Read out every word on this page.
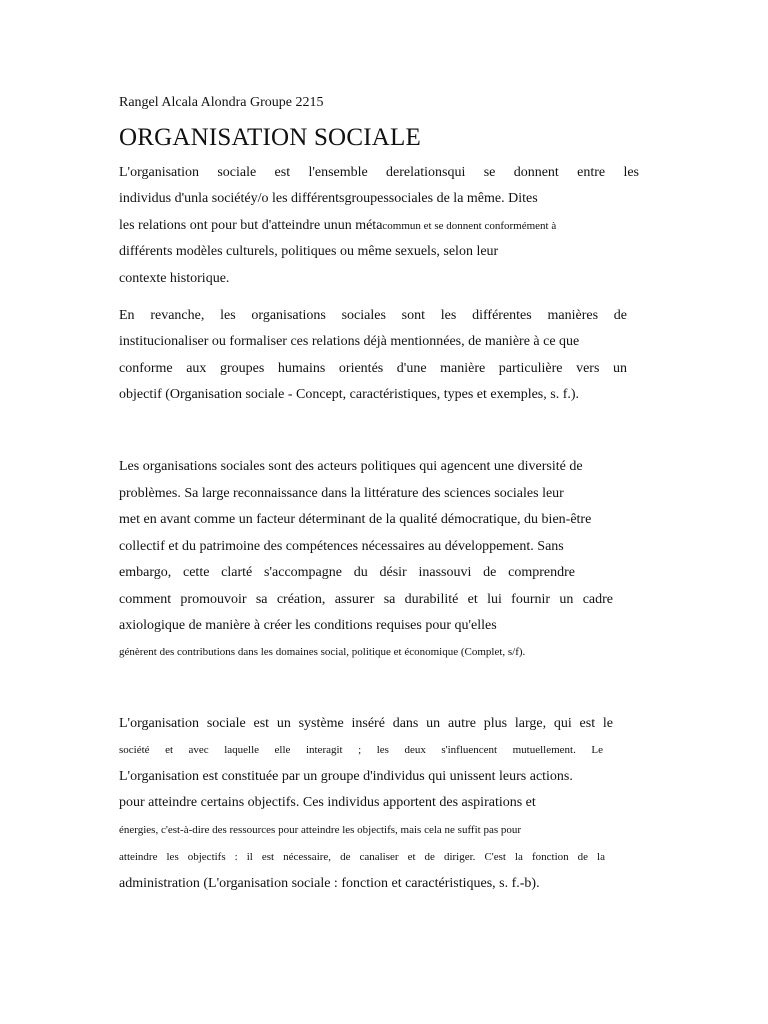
Rangel Alcala Alondra Groupe 2215
ORGANISATION SOCIALE
L'organisation sociale est l'ensemble derelationsqui se donnent entre les
individus d'unla sociétéy/o les différentsgroupessociales de la même. Dites
les relations ont pour but d'atteindre unun métacommun et se donnent conformément à
différents modèles culturels, politiques ou même sexuels, selon leur
contexte historique.
En revanche, les organisations sociales sont les différentes manières de
institucionaliser ou formaliser ces relations déjà mentionnées, de manière à ce que
conforme aux groupes humains orientés d'une manière particulière vers un
objectif (Organisation sociale - Concept, caractéristiques, types et exemples, s. f.).
Les organisations sociales sont des acteurs politiques qui agencent une diversité de
problèmes. Sa large reconnaissance dans la littérature des sciences sociales leur
met en avant comme un facteur déterminant de la qualité démocratique, du bien-être
collectif et du patrimoine des compétences nécessaires au développement. Sans
embargo, cette clarté s'accompagne du désir inassouvi de comprendre
comment promouvoir sa création, assurer sa durabilité et lui fournir un cadre
axiologique de manière à créer les conditions requises pour qu'elles
génèrent des contributions dans les domaines social, politique et économique (Complet, s/f).
L'organisation sociale est un système inséré dans un autre plus large, qui est le
société et avec laquelle elle interagit ; les deux s'influencent mutuellement. Le
L'organisation est constituée par un groupe d'individus qui unissent leurs actions.
pour atteindre certains objectifs. Ces individus apportent des aspirations et
énergies, c'est-à-dire des ressources pour atteindre les objectifs, mais cela ne suffit pas pour
atteindre les objectifs : il est nécessaire, de canaliser et de diriger. C'est la fonction de la
administration (L'organisation sociale : fonction et caractéristiques, s. f.-b).
